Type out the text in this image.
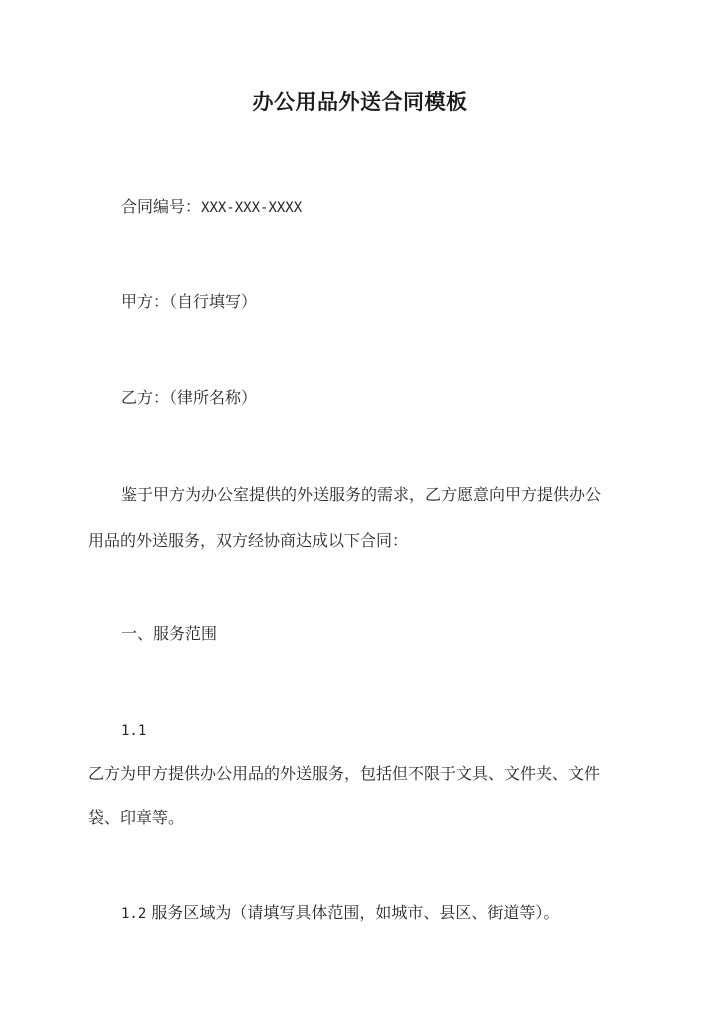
办公用品外送合同模板
合同编号：XXX-XXX-XXXX
甲方：（自行填写）
乙方：（律所名称）
鉴于甲方为办公室提供的外送服务的需求，乙方愿意向甲方提供办公
用品的外送服务，双方经协商达成以下合同：
一、服务范围
1.1
乙方为甲方提供办公用品的外送服务，包括但不限于文具、文件夹、文件
袋、印章等。
1.2 服务区域为（请填写具体范围，如城市、县区、街道等）。
